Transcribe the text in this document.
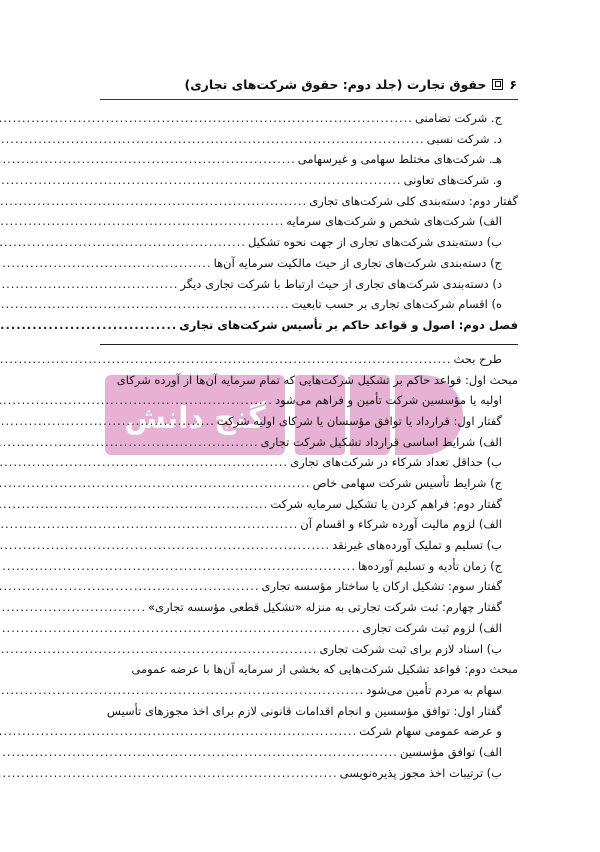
۶
حقوق تجارت (جلد دوم: حقوق شرکت‌های تجاری)
گنج دانش
ج. شرکت تضامنی
.....
د. شرکت نسبی
.....
هـ. شرکت‌های مختلط سهامی و غیرسهامی
.....
و. شرکت‌های تعاونی
.....
گفتار دوم: دسته‌بندی کلی شرکت‌های تجاری
.....
الف) شرکت‌های شخص و شرکت‌های سرمایه
.....
ب) دسته‌بندی شرکت‌های تجاری از جهت نحوه تشکیل
.....
ج) دسته‌بندی شرکت‌های تجاری از حیث مالکیت سرمایه آن‌ها
.....
د) دسته‌بندی شرکت‌های تجاری از حیث ارتباط با شرکت تجاری دیگر
.....
ه) اقسام شرکت‌های تجاری بر حسب تابعیت
.....
فصل دوم: اصول و قواعد حاکم بر تأسیس شرکت‌های تجاری
.....
طرح بحث
.....
مبحث اول: قواعد حاکم بر تشکیل شرکت‌هایی که تمام سرمایه آن‌ها از آورده شرکای
اولیه یا مؤسسین شرکت تأمین و فراهم می‌شود
.....
گفتار اول: قرارداد یا توافق مؤسسان یا شرکای اولیه شرکت
.....
الف) شرایط اساسی قرارداد تشکیل شرکت تجاری
.....
ب) حداقل تعداد شرکاء در شرکت‌های تجاری
.....
ج) شرایط تأسیس شرکت سهامی خاص
.....
گفتار دوم: فراهم کردن یا تشکیل سرمایه شرکت
.....
الف) لزوم مالیت آورده شرکاء و اقسام آن
.....
ب) تسلیم و تملیک آورده‌های غیرنقد
.....
ج) زمان تأدیه و تسلیم آورده‌ها
.....
گفتار سوم: تشکیل ارکان یا ساختار مؤسسه تجاری
.....
گفتار چهارم: ثبت شرکت تجارتی به منزله «تشکیل قطعی مؤسسه تجاری»
.....
الف) لزوم ثبت شرکت تجاری
.....
ب) اسناد لازم برای ثبت شرکت تجاری
.....
مبحث دوم: قواعد تشکیل شرکت‌هایی که بخشی از سرمایه آن‌ها با عرضه عمومی
سهام به مردم تأمین می‌شود
.....
گفتار اول: توافق مؤسسین و انجام اقدامات قانونی لازم برای اخذ مجوزهای تأسیس
و عرضه عمومی سهام شرکت
.....
الف) توافق مؤسسین
.....
ب) ترتیبات اخذ مجوز پذیره‌نویسی
.....
